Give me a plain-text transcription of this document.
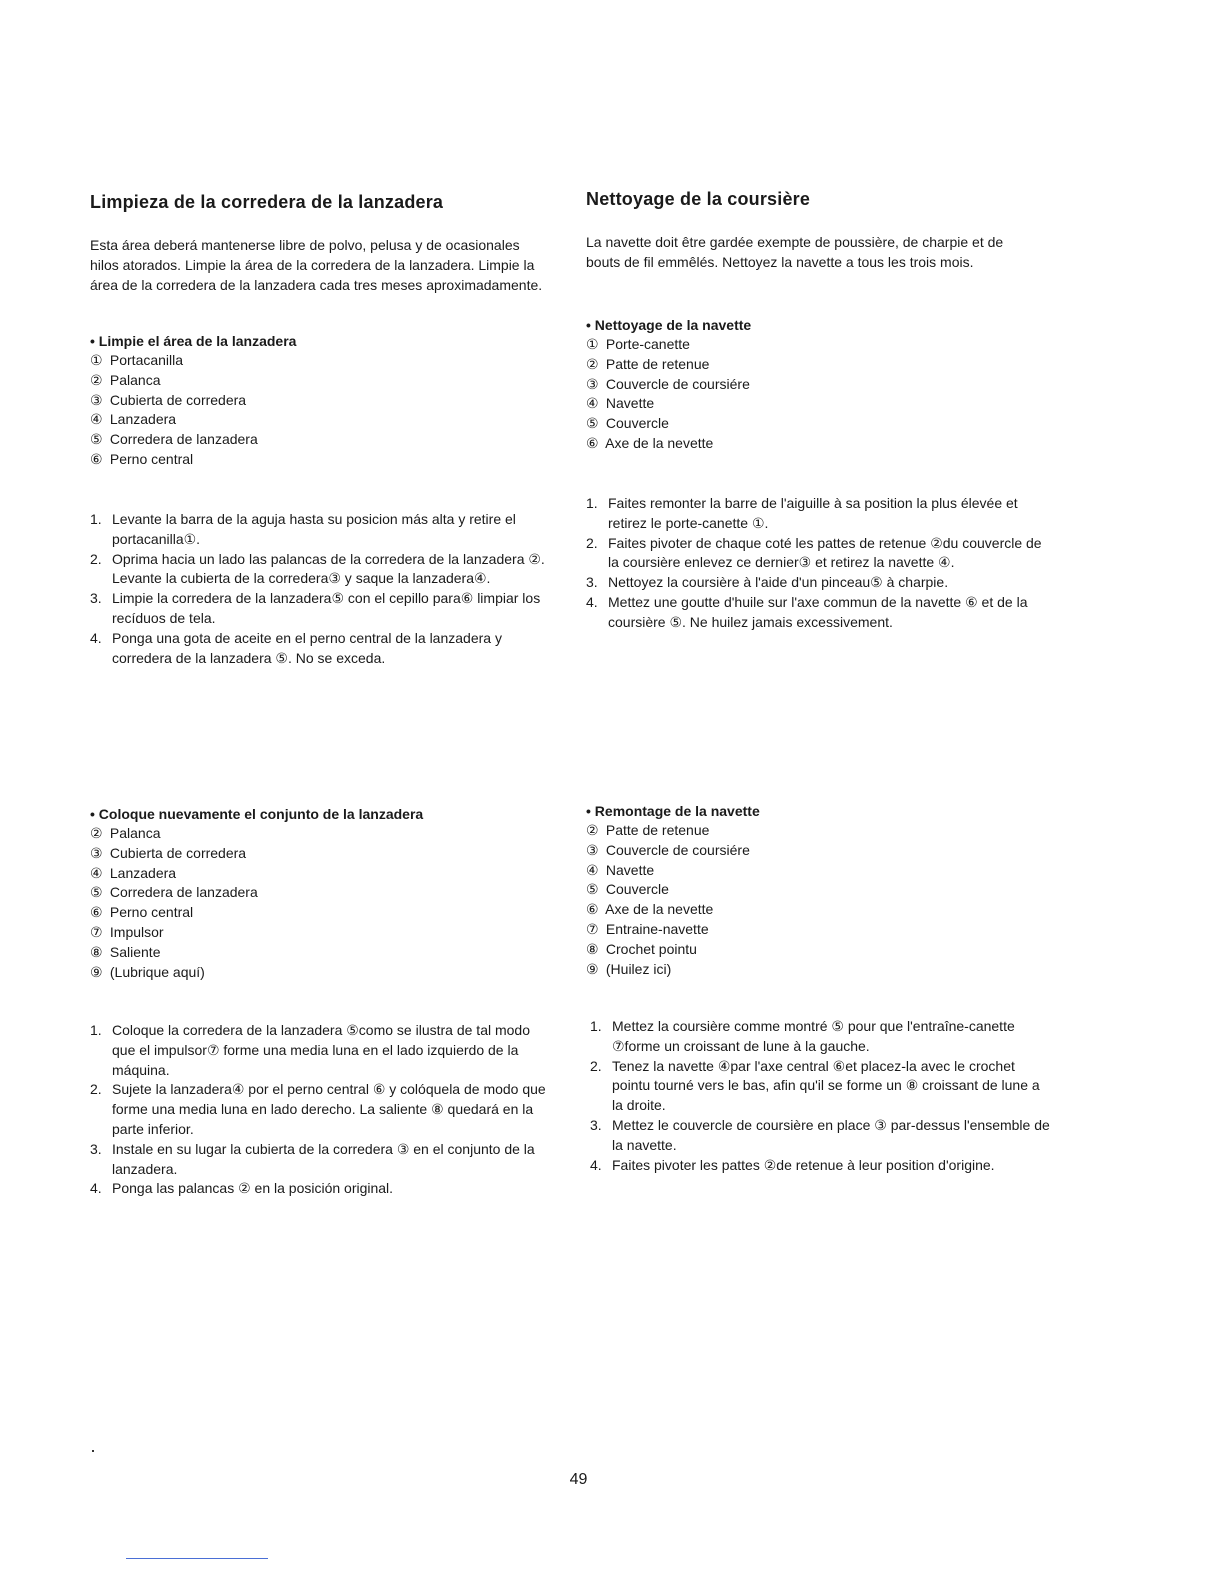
Limpieza de la corredera de la lanzadera

Esta área deberá mantenerse libre de polvo, pelusa y de ocasionales hilos atorados. Limpie la área de la corredera de la lanzadera. Limpie la área de la corredera de la lanzadera cada tres meses aproximadamente.

• Limpie el área de la lanzadera

① Portacanilla
② Palanca
③ Cubierta de corredera
④ Lanzadera
⑤ Corredera de lanzadera
⑥ Perno central
1. Levante la barra de la aguja hasta su posicion más alta y retire el portacanilla①.
2. Oprima hacia un lado las palancas de la corredera de la lanzadera ②. Levante la cubierta de la corredera③ y saque la lanzadera④.
3. Limpie la corredera de la lanzadera⑤ con el cepillo para⑥ limpiar los recíduos de tela.
4. Ponga una gota de aceite en el perno central de la lanzadera y corredera de la lanzadera ⑤. No se exceda.

• Coloque nuevamente el conjunto de la lanzadera

② Palanca
③ Cubierta de corredera
④ Lanzadera
⑤ Corredera de lanzadera
⑥ Perno central
⑦ Impulsor
⑧ Saliente
⑨ (Lubrique aquí)
1. Coloque la corredera de la lanzadera ⑤como se ilustra de tal modo que el impulsor⑦ forme una media luna en el lado izquierdo de la máquina.
2. Sujete la lanzadera④ por el perno central ⑥ y colóquela de modo que forme una media luna en lado derecho. La saliente ⑧ quedará en la parte inferior.
3. Instale en su lugar la cubierta de la corredera ③ en el conjunto de la lanzadera.
4. Ponga las palancas ② en la posición original.
Nettoyage de la coursière

La navette doit être gardée exempte de poussière, de charpie et de bouts de fil emmêlés. Nettoyez la navette a tous les trois mois.

• Nettoyage de la navette

① Porte-canette
② Patte de retenue
③ Couvercle de coursiére
④ Navette
⑤ Couvercle
⑥ Axe de la nevette
1. Faites remonter la barre de l'aiguille à sa position la plus élevée et retirez le porte-canette ①.
2. Faites pivoter de chaque coté les pattes de retenue ②du couvercle de la coursière enlevez ce dernier③ et retirez la navette ④.
3. Nettoyez la coursière à l'aide d'un pinceau⑤ à charpie.
4. Mettez une goutte d'huile sur l'axe commun de la navette ⑥ et de la coursière ⑤. Ne huilez jamais excessivement.

• Remontage de la navette

② Patte de retenue
③ Couvercle de coursiére
④ Navette
⑤ Couvercle
⑥ Axe de la nevette
⑦ Entraine-navette
⑧ Crochet pointu
⑨ (Huilez ici)
1. Mettez la coursière comme montré ⑤ pour que l'entraîne-canette ⑦forme un croissant de lune à la gauche.
2. Tenez la navette ④par l'axe central ⑥et placez-la avec le crochet pointu tourné vers le bas, afin qu'il se forme un ⑧ croissant de lune a la droite.
3. Mettez le couvercle de coursière en place ③ par-dessus l'ensemble de la navette.
4. Faites pivoter les pattes ②de retenue à leur position d'origine.
49
